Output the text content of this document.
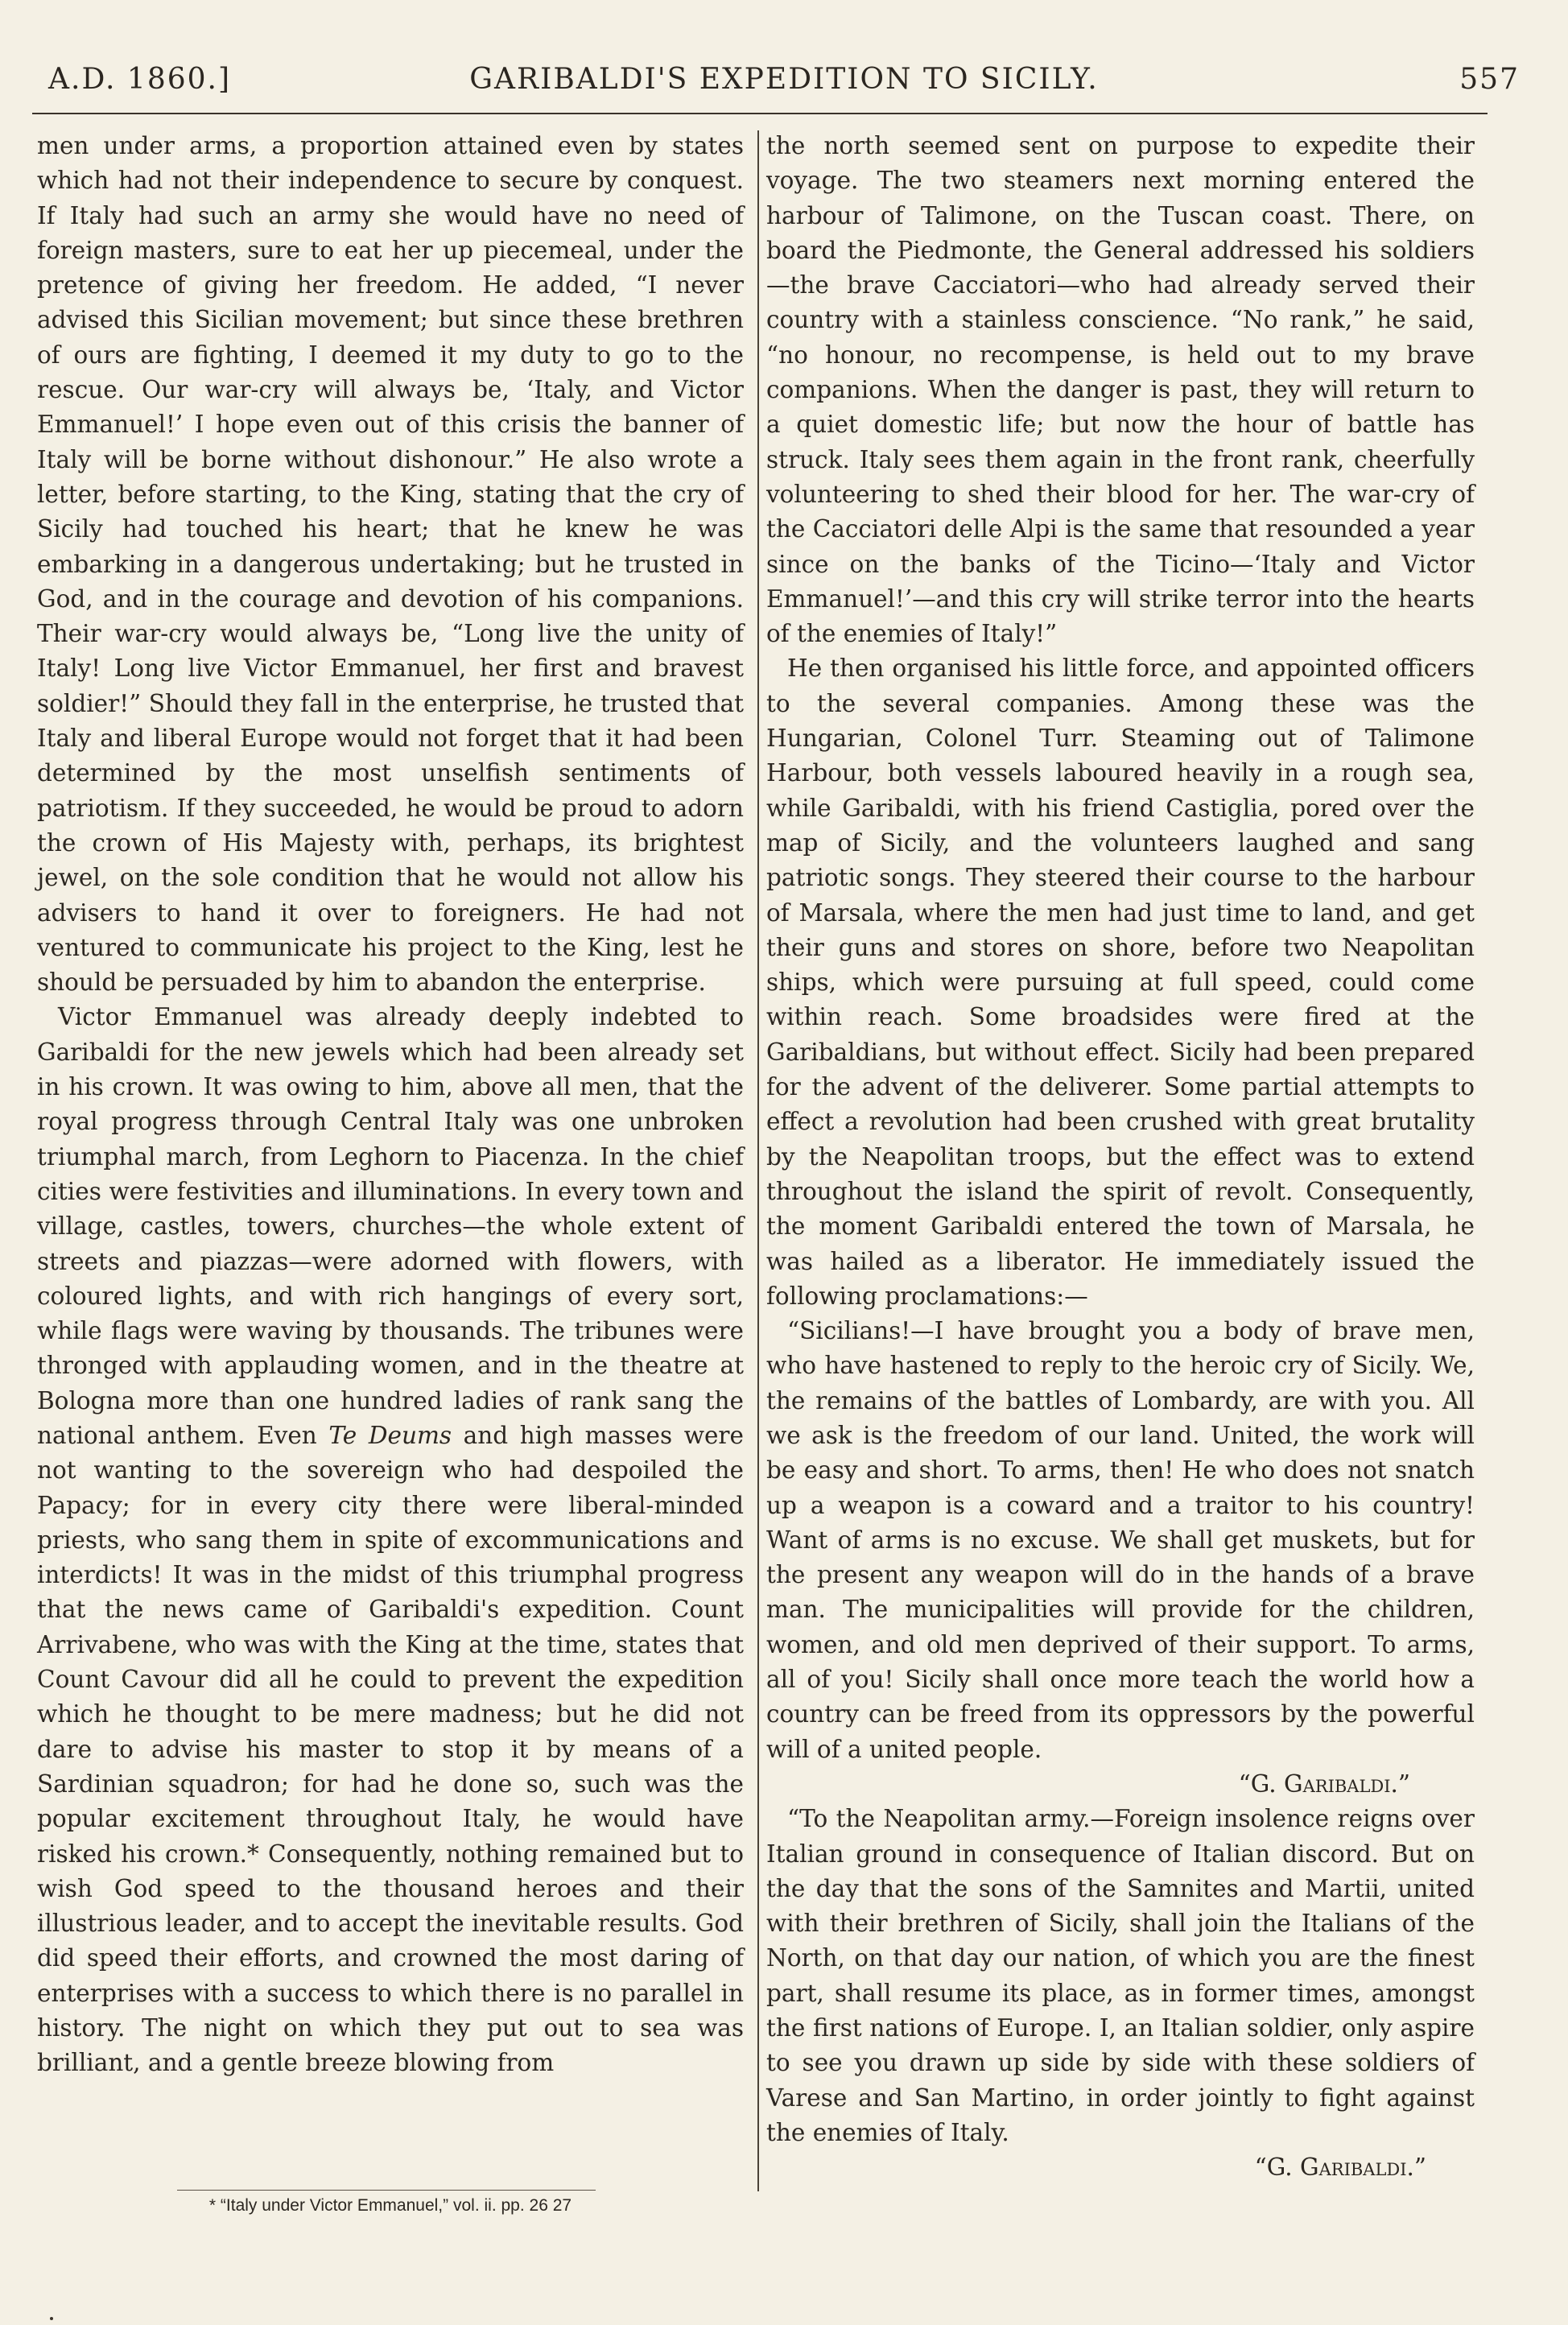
A.D. 1860.]	GARIBALDI'S EXPEDITION TO SICILY.	557

men under arms, a proportion attained even by states which had not their independence to secure by conquest. If Italy had such an army she would have no need of foreign masters, sure to eat her up piecemeal, under the pretence of giving her freedom. He added, “I never advised this Sicilian movement; but since these brethren of ours are fighting, I deemed it my duty to go to the rescue. Our war-cry will always be, ‘Italy, and Victor Emmanuel!’ I hope even out of this crisis the banner of Italy will be borne without dishonour.” He also wrote a letter, before starting, to the King, stating that the cry of Sicily had touched his heart; that he knew he was embarking in a dangerous undertaking; but he trusted in God, and in the courage and devotion of his companions. Their war-cry would always be, “Long live the unity of Italy! Long live Victor Emmanuel, her first and bravest soldier!” Should they fall in the enterprise, he trusted that Italy and liberal Europe would not forget that it had been determined by the most unselfish sentiments of patriotism. If they succeeded, he would be proud to adorn the crown of His Majesty with, perhaps, its brightest jewel, on the sole condition that he would not allow his advisers to hand it over to foreigners. He had not ventured to communicate his project to the King, lest he should be persuaded by him to abandon the enterprise.

Victor Emmanuel was already deeply indebted to Garibaldi for the new jewels which had been already set in his crown. It was owing to him, above all men, that the royal progress through Central Italy was one unbroken triumphal march, from Leghorn to Piacenza. In the chief cities were festivities and illuminations. In every town and village, castles, towers, churches—the whole extent of streets and piazzas—were adorned with flowers, with coloured lights, and with rich hangings of every sort, while flags were waving by thousands. The tribunes were thronged with applauding women, and in the theatre at Bologna more than one hundred ladies of rank sang the national anthem. Even Te Deums and high masses were not wanting to the sovereign who had despoiled the Papacy; for in every city there were liberal-minded priests, who sang them in spite of excommunications and interdicts! It was in the midst of this triumphal progress that the news came of Garibaldi's expedition. Count Arrivabene, who was with the King at the time, states that Count Cavour did all he could to prevent the expedition which he thought to be mere madness; but he did not dare to advise his master to stop it by means of a Sardinian squadron; for had he done so, such was the popular excitement throughout Italy, he would have risked his crown.* Consequently, nothing remained but to wish God speed to the thousand heroes and their illustrious leader, and to accept the inevitable results. God did speed their efforts, and crowned the most daring of enterprises with a success to which there is no parallel in history. The night on which they put out to sea was brilliant, and a gentle breeze blowing from

the north seemed sent on purpose to expedite their voyage. The two steamers next morning entered the harbour of Talimone, on the Tuscan coast. There, on board the Piedmonte, the General addressed his soldiers—the brave Cacciatori—who had already served their country with a stainless conscience. “No rank,” he said, “no honour, no recompense, is held out to my brave companions. When the danger is past, they will return to a quiet domestic life; but now the hour of battle has struck. Italy sees them again in the front rank, cheerfully volunteering to shed their blood for her. The war-cry of the Cacciatori delle Alpi is the same that resounded a year since on the banks of the Ticino—‘Italy and Victor Emmanuel!’—and this cry will strike terror into the hearts of the enemies of Italy!”

He then organised his little force, and appointed officers to the several companies. Among these was the Hungarian, Colonel Turr. Steaming out of Talimone Harbour, both vessels laboured heavily in a rough sea, while Garibaldi, with his friend Castiglia, pored over the map of Sicily, and the volunteers laughed and sang patriotic songs. They steered their course to the harbour of Marsala, where the men had just time to land, and get their guns and stores on shore, before two Neapolitan ships, which were pursuing at full speed, could come within reach. Some broadsides were fired at the Garibaldians, but without effect. Sicily had been prepared for the advent of the deliverer. Some partial attempts to effect a revolution had been crushed with great brutality by the Neapolitan troops, but the effect was to extend throughout the island the spirit of revolt. Consequently, the moment Garibaldi entered the town of Marsala, he was hailed as a liberator. He immediately issued the following proclamations:—

“Sicilians!—I have brought you a body of brave men, who have hastened to reply to the heroic cry of Sicily. We, the remains of the battles of Lombardy, are with you. All we ask is the freedom of our land. United, the work will be easy and short. To arms, then! He who does not snatch up a weapon is a coward and a traitor to his country! Want of arms is no excuse. We shall get muskets, but for the present any weapon will do in the hands of a brave man. The municipalities will provide for the children, women, and old men deprived of their support. To arms, all of you! Sicily shall once more teach the world how a country can be freed from its oppressors by the powerful will of a united people.

“G. Garibaldi.”

“To the Neapolitan army.—Foreign insolence reigns over Italian ground in consequence of Italian discord. But on the day that the sons of the Samnites and Martii, united with their brethren of Sicily, shall join the Italians of the North, on that day our nation, of which you are the finest part, shall resume its place, as in former times, amongst the first nations of Europe. I, an Italian soldier, only aspire to see you drawn up side by side with these soldiers of Varese and San Martino, in order jointly to fight against the enemies of Italy.

“G. Garibaldi.”

* “Italy under Victor Emmanuel,” vol. ii. pp. 26 27
